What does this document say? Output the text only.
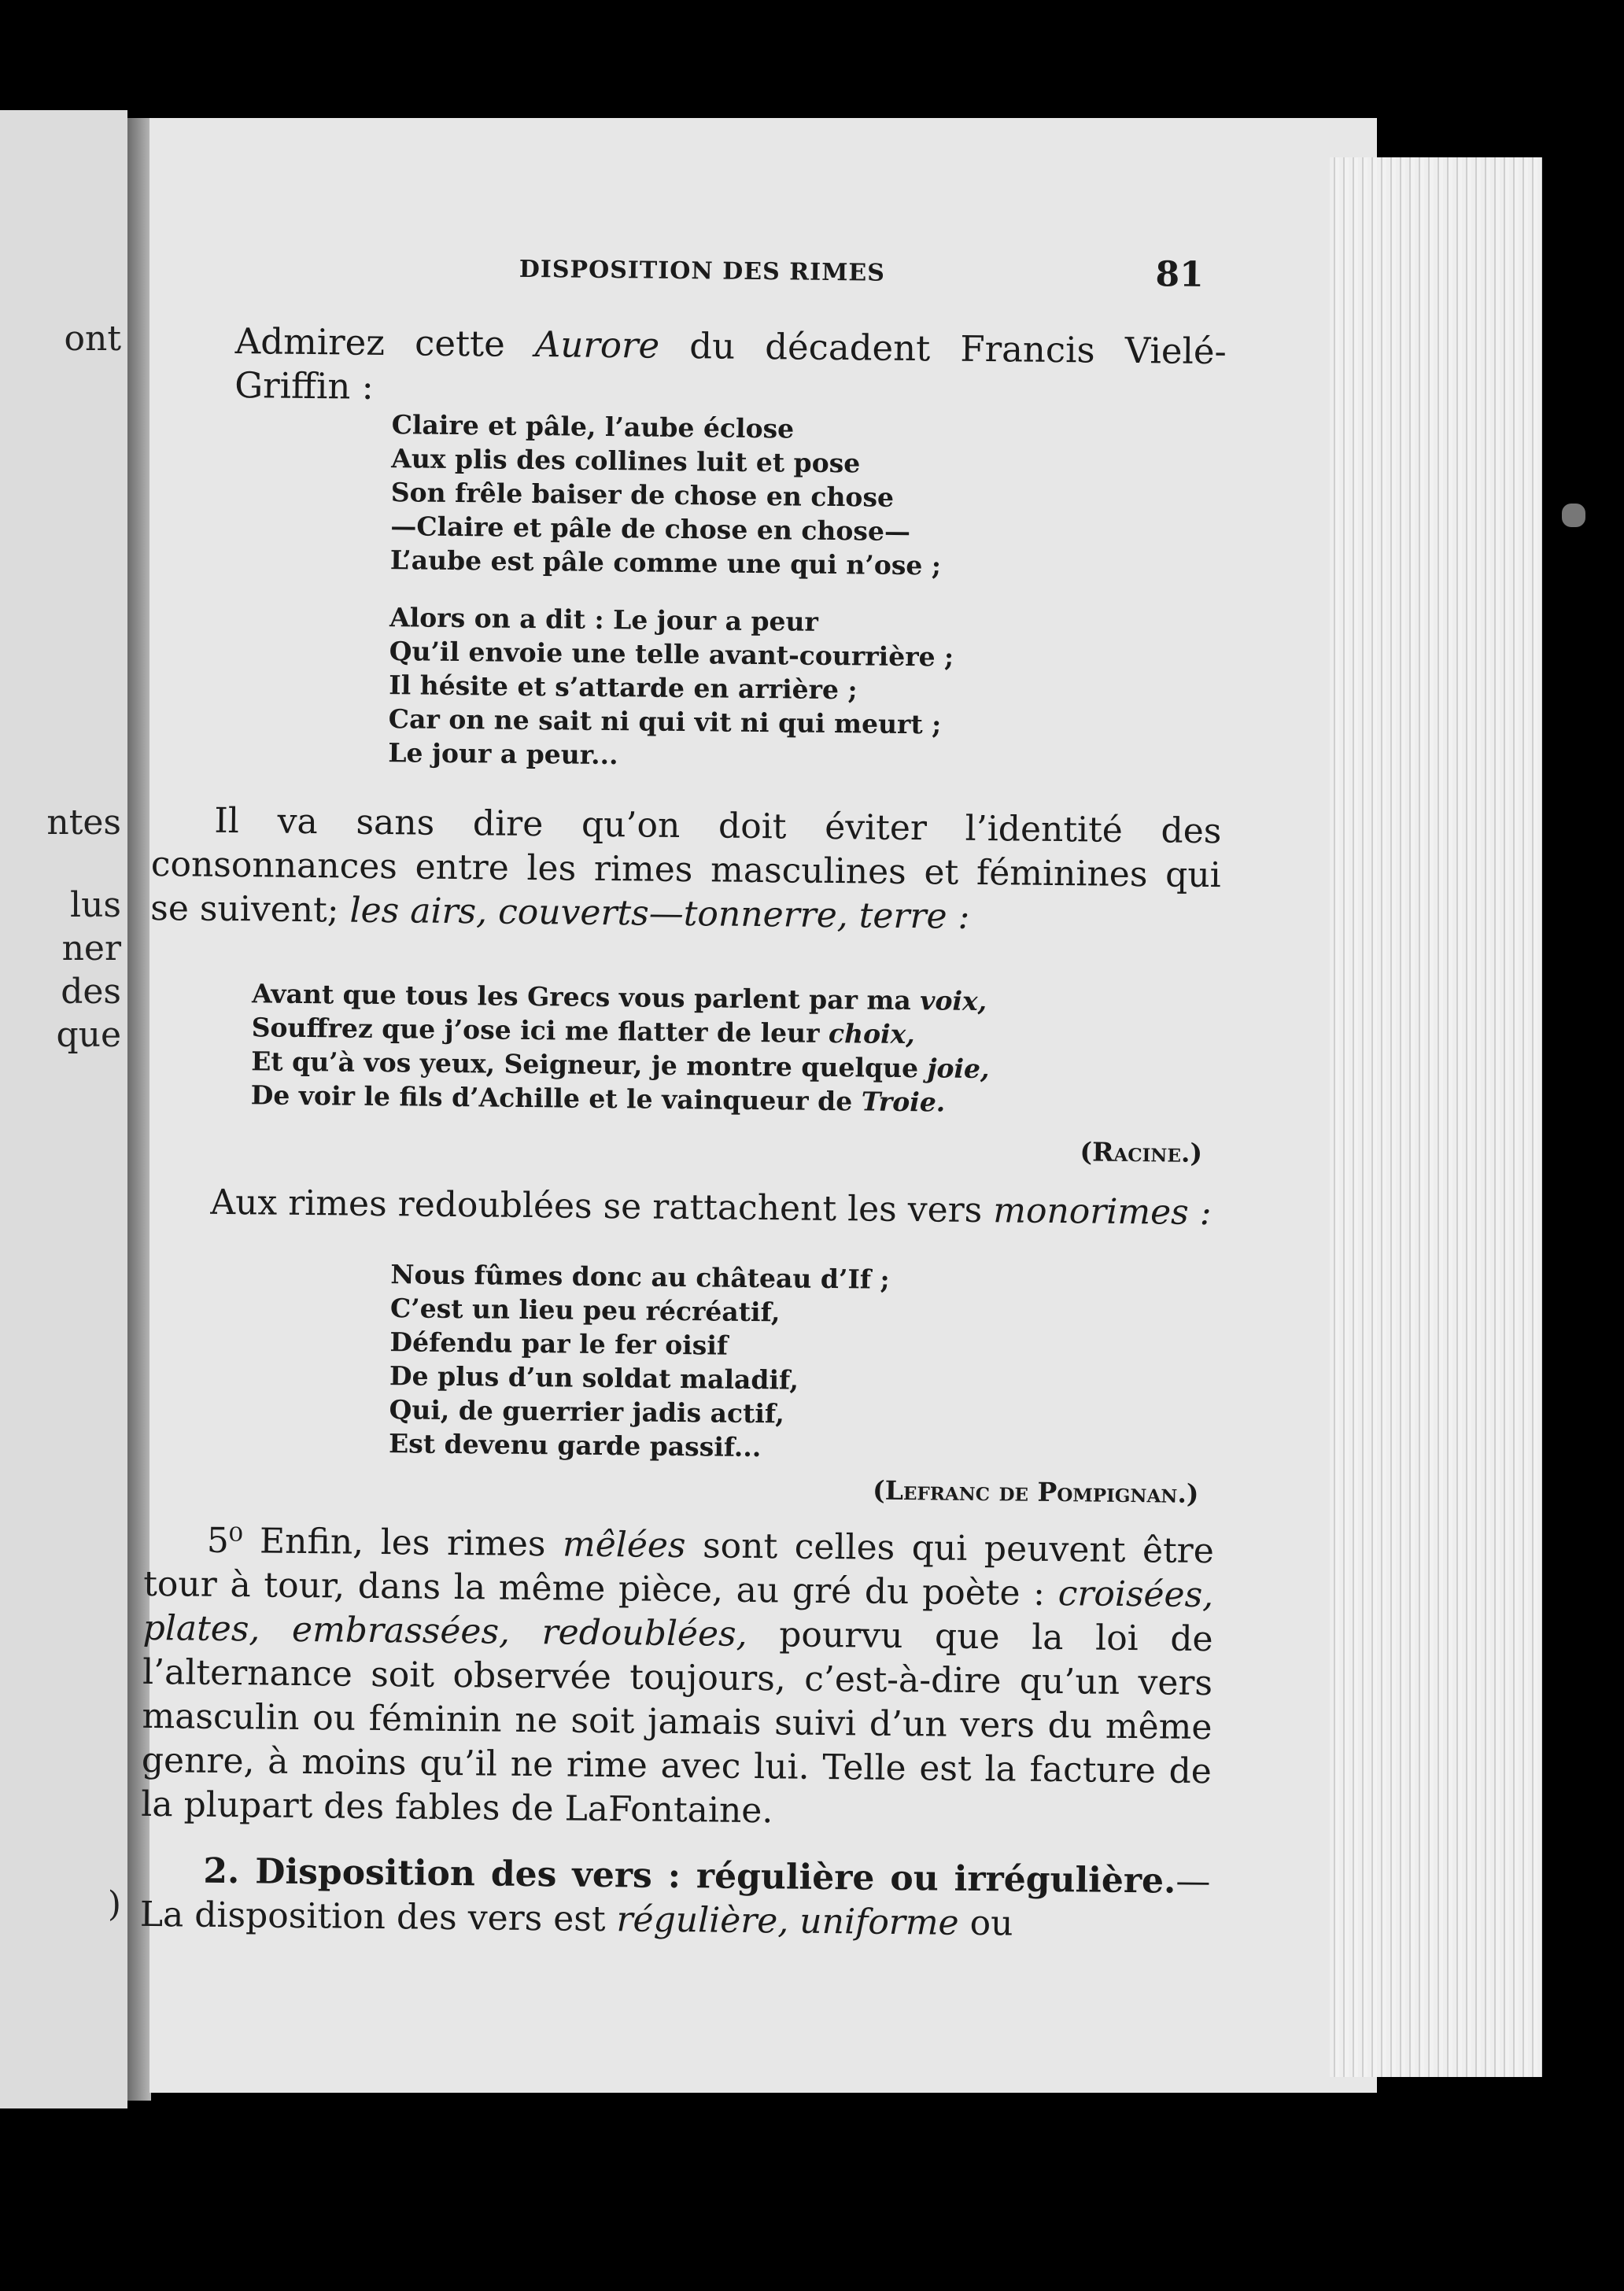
ont
ntes
lus
ner
des
que
)
DISPOSITION DES RIMES	81
Admirez cette Aurore du décadent Francis Vielé-Griffin :
Claire et pâle, l’aube éclose
Aux plis des collines luit et pose
Son frêle baiser de chose en chose
—Claire et pâle de chose en chose—
L’aube est pâle comme une qui n’ose ;
Alors on a dit : Le jour a peur
Qu’il envoie une telle avant-courrière ;
Il hésite et s’attarde en arrière ;
Car on ne sait ni qui vit ni qui meurt ;
Le jour a peur...
Il va sans dire qu’on doit éviter l’identité des consonnances entre les rimes masculines et féminines qui se suivent; les airs, couverts—tonnerre, terre :
Avant que tous les Grecs vous parlent par ma voix,
Souffrez que j’ose ici me flatter de leur choix,
Et qu’à vos yeux, Seigneur, je montre quelque joie,
De voir le fils d’Achille et le vainqueur de Troie.
(Racine.)
Aux rimes redoublées se rattachent les vers monorimes :
Nous fûmes donc au château d’If ;
C’est un lieu peu récréatif,
Défendu par le fer oisif
De plus d’un soldat maladif,
Qui, de guerrier jadis actif,
Est devenu garde passif...
(Lefranc de Pompignan.)
5⁰ Enfin, les rimes mêlées sont celles qui peuvent être tour à tour, dans la même pièce, au gré du poète : croisées, plates, embrassées, redoublées, pourvu que la loi de l’alternance soit observée toujours, c’est-à-dire qu’un vers masculin ou féminin ne soit jamais suivi d’un vers du même genre, à moins qu’il ne rime avec lui. Telle est la facture de la plupart des fables de LaFontaine.
2. Disposition des vers : régulière ou irrégulière.—La disposition des vers est régulière, uniforme ou
